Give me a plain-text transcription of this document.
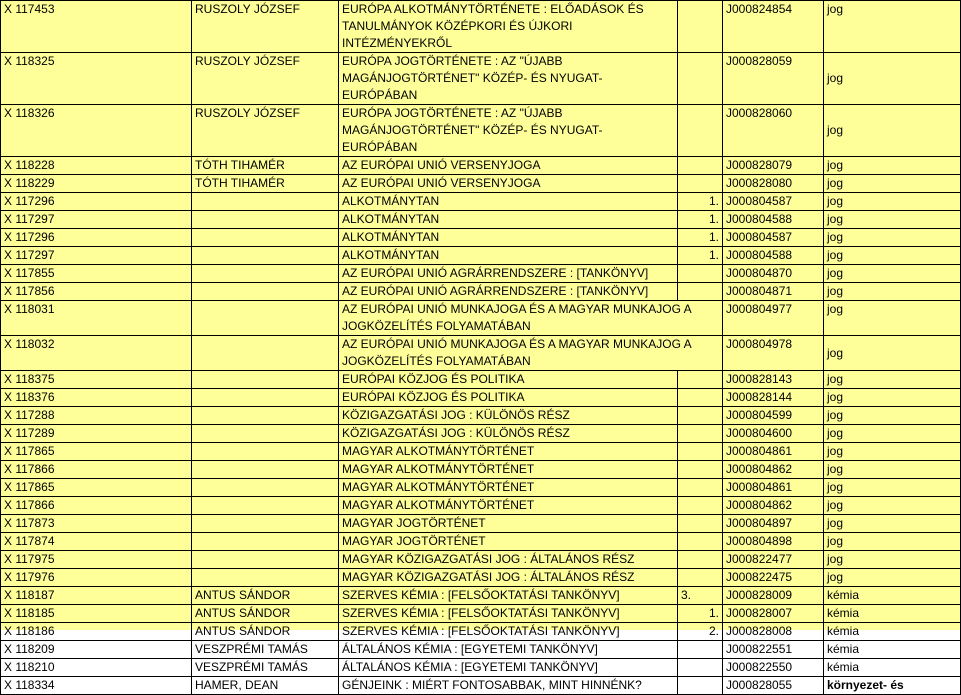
X 117453	RUSZOLY JÓZSEF	EURÓPA ALKOTMÁNYTÖRTÉNETE : ELŐADÁSOK ÉS TANULMÁNYOK KÖZÉPKORI ÉS ÚJKORI INTÉZMÉNYEKRŐL		J000824854	jog
X 118325	RUSZOLY JÓZSEF	EURÓPA JOGTÖRTÉNETE : AZ "ÚJABB MAGÁNJOGTÖRTÉNET" KÖZÉP- ÉS NYUGAT-EURÓPÁBAN		J000828059	jog
X 118326	RUSZOLY JÓZSEF	EURÓPA JOGTÖRTÉNETE : AZ "ÚJABB MAGÁNJOGTÖRTÉNET" KÖZÉP- ÉS NYUGAT-EURÓPÁBAN		J000828060	jog
X 118228	TÓTH TIHAMÉR	AZ EURÓPAI UNIÓ VERSENYJOGA		J000828079	jog
X 118229	TÓTH TIHAMÉR	AZ EURÓPAI UNIÓ VERSENYJOGA		J000828080	jog
X 117296		ALKOTMÁNYTAN	1.	J000804587	jog
X 117297		ALKOTMÁNYTAN	1.	J000804588	jog
X 117296		ALKOTMÁNYTAN	1.	J000804587	jog
X 117297		ALKOTMÁNYTAN	1.	J000804588	jog
X 117855		AZ EURÓPAI UNIÓ AGRÁRRENDSZERE : [TANKÖNYV]		J000804870	jog
X 117856		AZ EURÓPAI UNIÓ AGRÁRRENDSZERE : [TANKÖNYV]		J000804871	jog
X 118031		AZ EURÓPAI UNIÓ MUNKAJOGA ÉS A MAGYAR MUNKAJOG A JOGKÖZELÍTÉS FOLYAMATÁBAN		J000804977	jog
X 118032		AZ EURÓPAI UNIÓ MUNKAJOGA ÉS A MAGYAR MUNKAJOG A JOGKÖZELÍTÉS FOLYAMATÁBAN		J000804978	jog
X 118375		EURÓPAI KÖZJOG ÉS POLITIKA		J000828143	jog
X 118376		EURÓPAI KÖZJOG ÉS POLITIKA		J000828144	jog
X 117288		KÖZIGAZGATÁSI JOG : KÜLÖNÖS RÉSZ		J000804599	jog
X 117289		KÖZIGAZGATÁSI JOG : KÜLÖNÖS RÉSZ		J000804600	jog
X 117865		MAGYAR ALKOTMÁNYTÖRTÉNET		J000804861	jog
X 117866		MAGYAR ALKOTMÁNYTÖRTÉNET		J000804862	jog
X 117865		MAGYAR ALKOTMÁNYTÖRTÉNET		J000804861	jog
X 117866		MAGYAR ALKOTMÁNYTÖRTÉNET		J000804862	jog
X 117873		MAGYAR JOGTÖRTÉNET		J000804897	jog
X 117874		MAGYAR JOGTÖRTÉNET		J000804898	jog
X 117975		MAGYAR KÖZIGAZGATÁSI JOG : ÁLTALÁNOS RÉSZ		J000822477	jog
X 117976		MAGYAR KÖZIGAZGATÁSI JOG : ÁLTALÁNOS RÉSZ		J000822475	jog
X 118187	ANTUS SÁNDOR	SZERVES KÉMIA : [FELSŐOKTATÁSI TANKÖNYV]	3.	J000828009	kémia
X 118185	ANTUS SÁNDOR	SZERVES KÉMIA : [FELSŐOKTATÁSI TANKÖNYV]	1.	J000828007	kémia
X 118186	ANTUS SÁNDOR	SZERVES KÉMIA : [FELSŐOKTATÁSI TANKÖNYV]	2.	J000828008	kémia
X 118209	VESZPRÉMI TAMÁS	ÁLTALÁNOS KÉMIA : [EGYETEMI TANKÖNYV]		J000822551	kémia
X 118210	VESZPRÉMI TAMÁS	ÁLTALÁNOS KÉMIA : [EGYETEMI TANKÖNYV]		J000822550	kémia
X 118334	HAMER, DEAN	GÉNJEINK : MIÉRT FONTOSABBAK, MINT HINNÉNK?		J000828055	környezet- és
